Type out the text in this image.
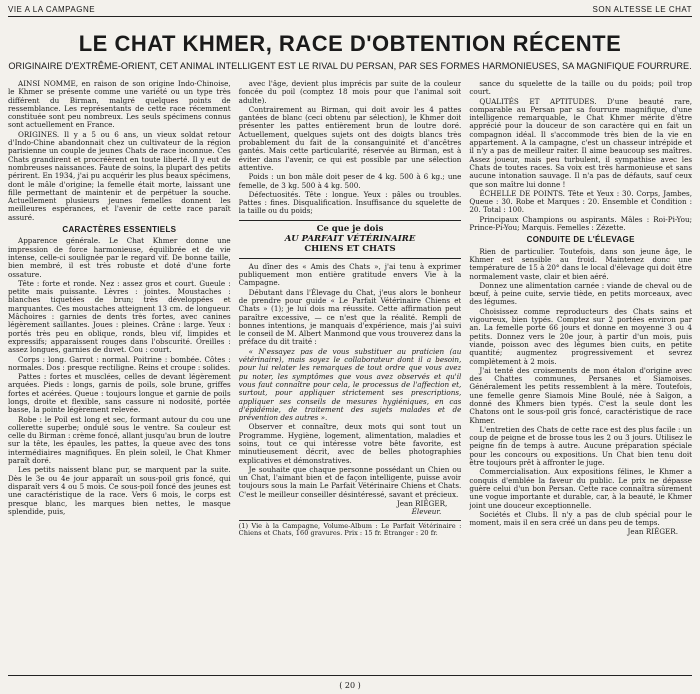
VIE A LA CAMPAGNE	SON ALTESSE LE CHAT
LE CHAT KHMER, RACE D'OBTENTION RÉCENTE
ORIGINAIRE D'EXTRÊME-ORIENT, CET ANIMAL INTELLIGENT EST LE RIVAL DU PERSAN, PAR SES FORMES HARMONIEUSES, SA MAGNIFIQUE FOURRURE.

AINSI NOMMÉ, en raison de son origine Indo-Chinoise, le Khmer se présente comme une variété ou un type très différent du Birman, malgré quelques points de ressemblance. Les représentants de cette race récemment constituée sont peu nombreux. Les seuls spécimens connus sont actuellement en France.

ORIGINES. Il y a 5 ou 6 ans, un vieux soldat retour d'Indo-Chine abandonnait chez un cultivateur de la région parisienne un couple de jeunes Chats de race inconnue. Ces Chats grandirent et procréèrent en toute liberté. Il y eut de nombreuses naissances. Faute de soins, la plupart des petits périrent. En 1934, j'ai pu acquérir les plus beaux spécimens, dont le mâle d'origine; la femelle était morte, laissant une fille permettant de maintenir et de perpétuer la souche. Actuellement plusieurs jeunes femelles donnent les meilleures espérances, et l'avenir de cette race paraît assuré.

CARACTÈRES ESSENTIELS

Apparence générale. Le Chat Khmer donne une impression de force harmonieuse, équilibrée et de vie intense, celle-ci soulignée par le regard vif. De bonne taille, bien membré, il est très robuste et doté d'une forte ossature.

Tête : forte et ronde. Nez : assez gros et court. Gueule : petite mais puissante. Lèvres : jointes. Moustaches : blanches tiquetées de brun; très développées et marquantes. Ces moustaches atteignent 13 cm. de longueur. Mâchoires : garnies de dents très fortes, avec canines légèrement saillantes. Joues : pleines. Crâne : large. Yeux : portés très peu en oblique, ronds, bleu vif, limpides et expressifs; apparaissent rouges dans l'obscurité. Oreilles : assez longues, garnies de duvet. Cou : court.

Corps : long. Garrot : normal. Poitrine : bombée. Côtes : normales. Dos : presque rectiligne. Reins et croupe : solides.

Pattes : fortes et musclées, celles de devant légèrement arquées. Pieds : longs, garnis de poils, sole brune, griffes fortes et acérées. Queue : toujours longue et garnie de poils longs, droite et flexible, sans cassure ni nodosité, portée basse, la pointe légèrement relevée.

Robe : le Poil est long et sec, formant autour du cou une collerette superbe; ondulé sous le ventre. Sa couleur est celle du Birman : crème foncé, allant jusqu'au brun de loutre sur la tête, les épaules, les pattes, la queue avec des tons intermédiaires magnifiques. En plein soleil, le Chat Khmer paraît doré.

Les petits naissent blanc pur, se marquent par la suite. Dès le 3e ou 4e jour apparaît un sous-poil gris foncé, qui disparaît vers 4 ou 5 mois. Ce sous-poil foncé des jeunes est une caractéristique de la race. Vers 6 mois, le corps est presque blanc, les marques bien nettes, le masque splendide, puis,

avec l'âge, devient plus imprécis par suite de la couleur foncée du poil (comptez 18 mois pour que l'animal soit adulte).

Contrairement au Birman, qui doit avoir les 4 pattes gantées de blanc (ceci obtenu par sélection), le Khmer doit présenter les pattes entièrement brun de loutre doré. Actuellement, quelques sujets ont des doigts blancs très probablement du fait de la consanguinité et d'ancêtres gantés. Mais cette particularité, réservée au Birman, est à éviter dans l'avenir, ce qui est possible par une sélection attentive.

Poids : un bon mâle doit peser de 4 kg. 500 à 6 kg.; une femelle, de 3 kg. 500 à 4 kg. 500.

Défectuosités. Tête : longue. Yeux : pâles ou troubles. Pattes : fines. Disqualification. Insuffisance du squelette de la taille ou du poids;

Ce que je dois
AU PARFAIT VÉTÉRINAIRE
CHIENS ET CHATS

Au dîner des « Amis des Chats », j'ai tenu à exprimer publiquement mon entière gratitude envers Vie à la Campagne.

Débutant dans l'Élevage du Chat, j'eus alors le bonheur de prendre pour guide « Le Parfait Vétérinaire Chiens et Chats » (1); je lui dois ma réussite. Cette affirmation peut paraître excessive, — ce n'est que la réalité. Rempli de bonnes intentions, je manquais d'expérience, mais j'ai suivi le conseil de M. Albert Manmond que vous trouverez dans la préface du dit traité :

« N'essayez pas de vous substituer au praticien (au vétérinaire), mais soyez le collaborateur dont il a besoin, pour lui relater les remarques de tout ordre que vous avez pu noter, les symptômes que vous avez observés et qu'il vous faut connaître pour cela, le processus de l'affection et, surtout, pour appliquer strictement ses prescriptions, appliquer ses conseils de mesures hygiéniques, en cas d'épidémie, de traitement des sujets malades et de prévention des autres ».

Observer et connaître, deux mots qui sont tout un Programme. Hygiène, logement, alimentation, maladies et soins, tout ce qui intéresse votre bête favorite, est minutieusement décrit, avec de belles photographies explicatives et démonstratives.

Je souhaite que chaque personne possédant un Chien ou un Chat, l'aimant bien et de façon intelligente, puisse avoir toujours sous la main Le Parfait Vétérinaire Chiens et Chats. C'est le meilleur conseiller désintéressé, savant et précieux.

Jean RIÉGER,
Éleveur.
(1) Vie à la Campagne, Volume-Album : Le Parfait Vétérinaire : Chiens et Chats, 160 gravures. Prix : 15 fr. Étranger : 20 fr.

sance du squelette de la taille ou du poids; poil trop court.

QUALITÉS ET APTITUDES. D'une beauté rare, comparable au Persan par sa fourrure magnifique, d'une intelligence remarquable, le Chat Khmer mérite d'être apprécié pour la douceur de son caractère qui en fait un compagnon idéal. Il s'accommode très bien de la vie en appartement. A la campagne, c'est un chasseur intrépide et il n'y a pas de meilleur raiter. Il aime beaucoup ses maîtres. Assez joueur, mais peu turbulent, il sympathise avec les Chats de toutes races. Sa voix est très harmonieuse et sans aucune intonation sauvage. Il n'a pas de défauts, sauf ceux que son maître lui donne !

ÉCHELLE DE POINTS. Tête et Yeux : 30. Corps, Jambes, Queue : 30. Robe et Marques : 20. Ensemble et Condition : 20. Total : 100.

Principaux Champions ou aspirants. Mâles : Roi-Pi-You; Prince-Pi-You; Marquis. Femelles : Zézette.

CONDUITE DE L'ÉLEVAGE

Rien de particulier. Toutefois, dans son jeune âge, le Khmer est sensible au froid. Maintenez donc une température de 15 à 20° dans le local d'élevage qui doit être normalement vaste, clair et bien aéré.

Donnez une alimentation carnée : viande de cheval ou de bœuf, à peine cuite, servie tiède, en petits morceaux, avec des légumes.

Choisissez comme reproducteurs des Chats sains et vigoureux, bien typés. Comptez sur 2 portées environ par an. La femelle porte 66 jours et donne en moyenne 3 ou 4 petits. Donnez vers le 20e jour, à partir d'un mois, puis viande, poisson avec des légumes bien cuits, en petite quantité; augmentez progressivement et sevrez complètement à 2 mois.

J'ai tenté des croisements de mon étalon d'origine avec des Chattes communes, Persanes et Siamoises. Généralement les petits ressemblent à la mère. Toutefois, une femelle genre Siamois Mine Boulé, née à Saïgon, a donné des Khmers bien typés. C'est la seule dont les Chatons ont le sous-poil gris foncé, caractéristique de race Khmer.

L'entretien des Chats de cette race est des plus facile : un coup de peigne et de brosse tous les 2 ou 3 jours. Utilisez le peigne fin de temps à autre. Aucune préparation spéciale pour les concours ou expositions. Un Chat bien tenu doit être toujours prêt à affronter le juge.

Commercialisation. Aux expositions félines, le Khmer a conquis d'emblée la faveur du public. Le prix ne dépasse guère celui d'un bon Persan. Cette race connaîtra sûrement une vogue importante et durable, car, à la beauté, le Khmer joint une douceur exceptionnelle.

Sociétés et Clubs. Il n'y a pas de club spécial pour le moment, mais il en sera créé un dans peu de temps.

Jean RIÉGER.
( 20 )
